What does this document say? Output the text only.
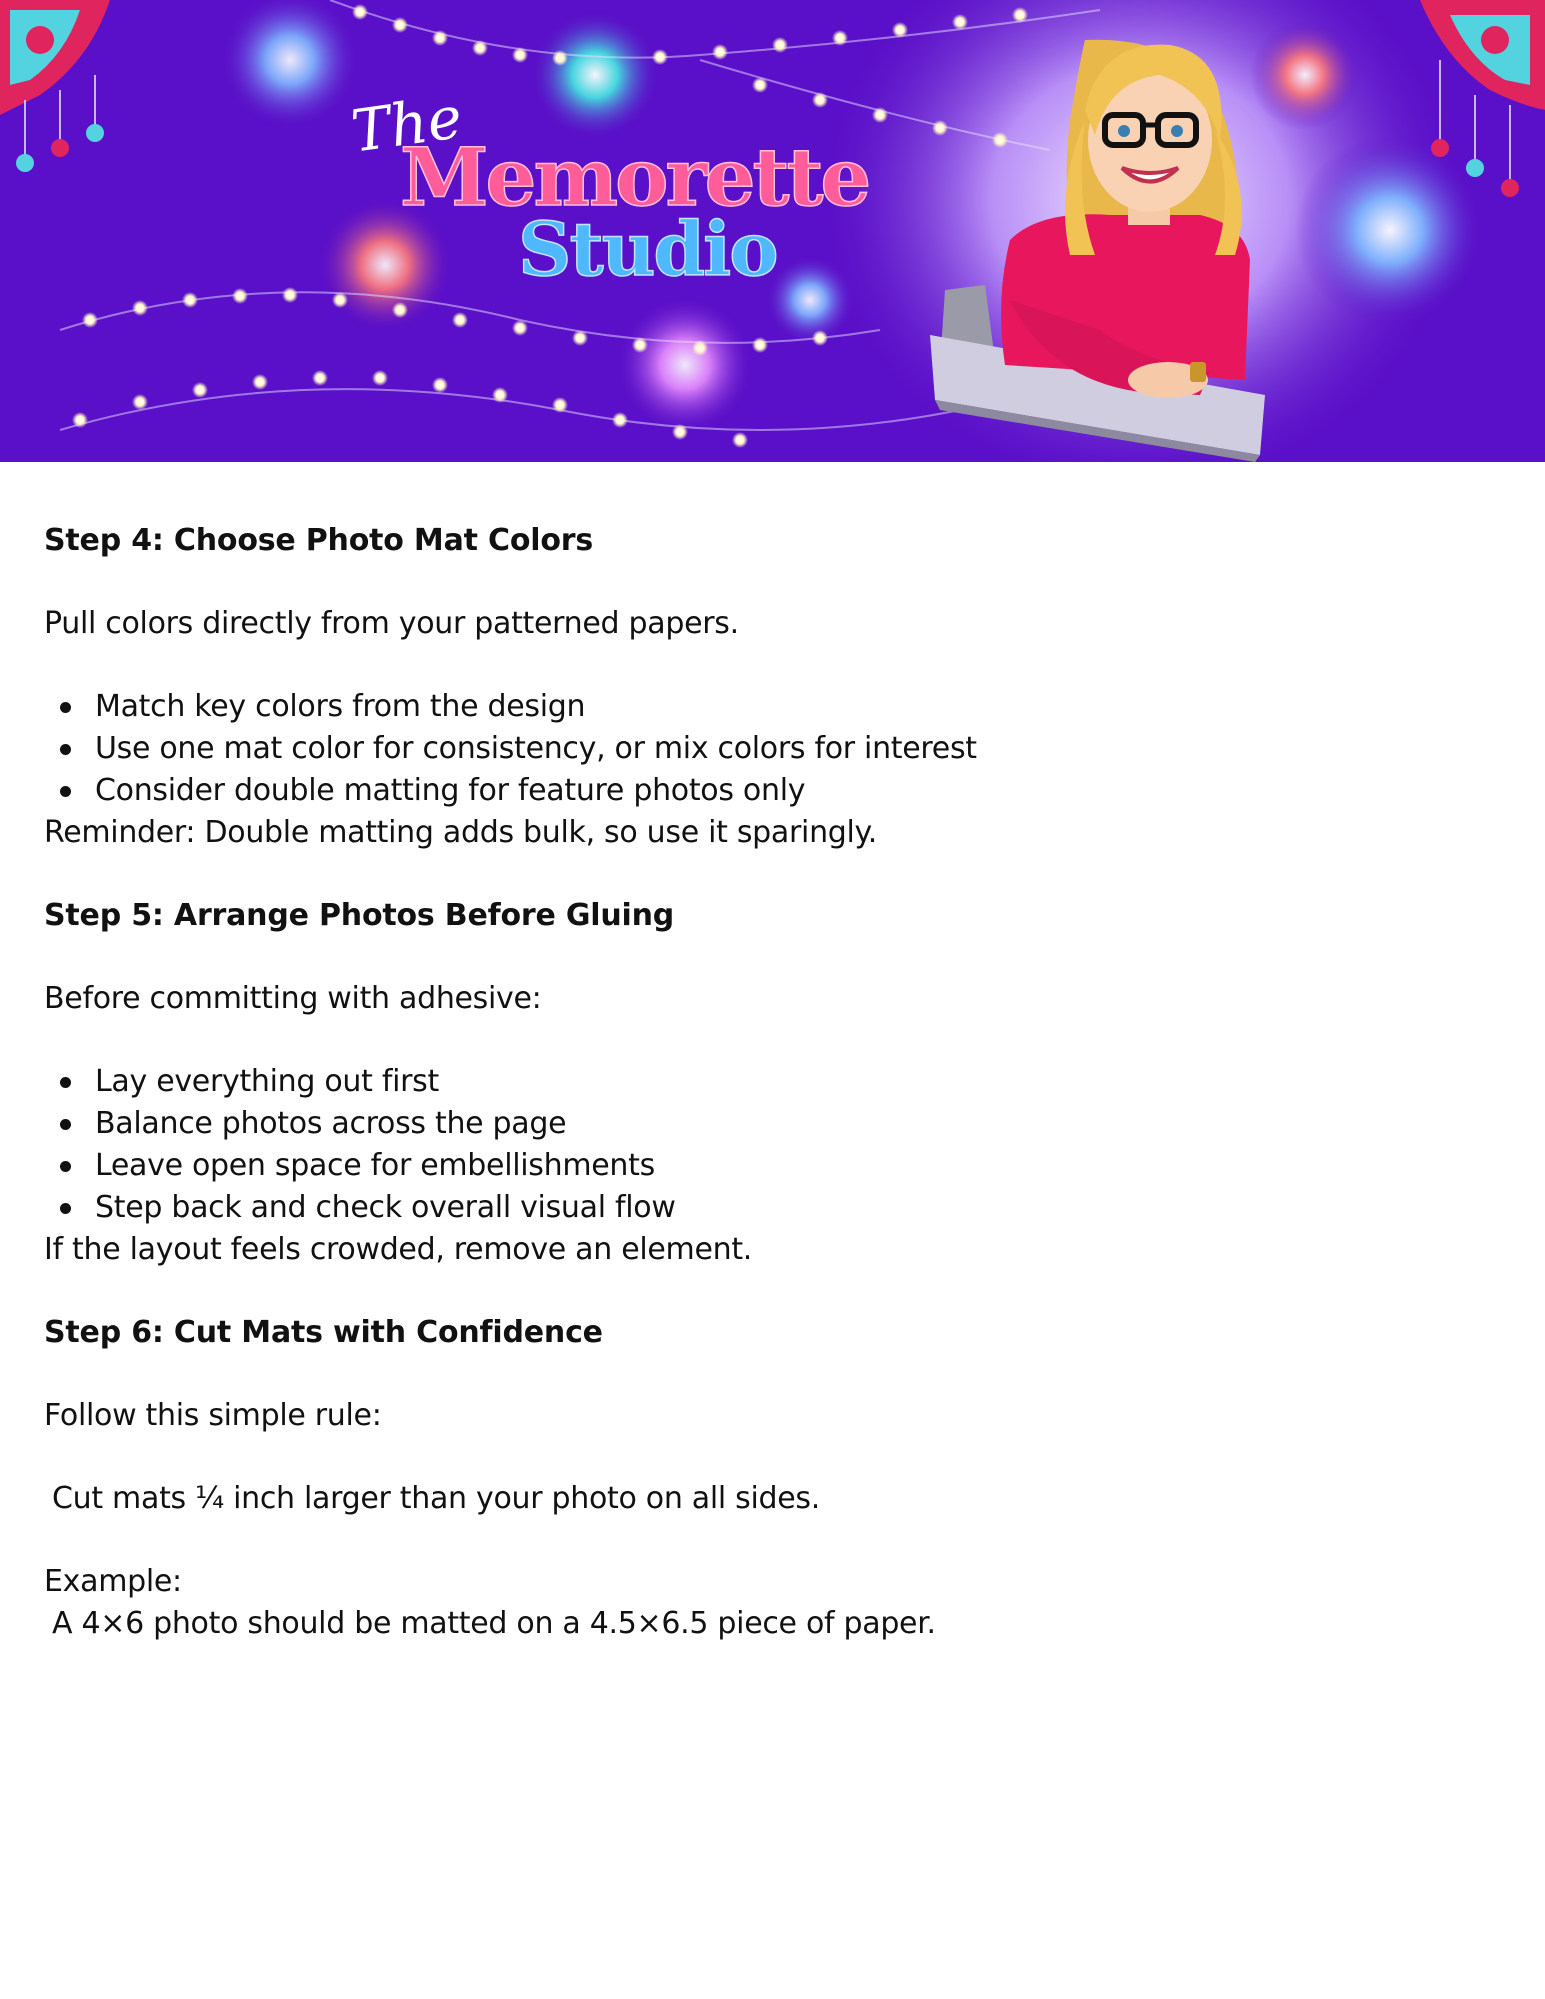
The
Memorette
Studio
Step 4: Choose Photo Mat Colors

Pull colors directly from your patterned papers.

Match key colors from the design
Use one mat color for consistency, or mix colors for interest
Consider double matting for feature photos only

Reminder: Double matting adds bulk, so use it sparingly.

Step 5: Arrange Photos Before Gluing

Before committing with adhesive:

Lay everything out first
Balance photos across the page
Leave open space for embellishments
Step back and check overall visual flow

If the layout feels crowded, remove an element.

Step 6: Cut Mats with Confidence

Follow this simple rule:

Cut mats ¼ inch larger than your photo on all sides.

Example:

A 4×6 photo should be matted on a 4.5×6.5 piece of paper.
